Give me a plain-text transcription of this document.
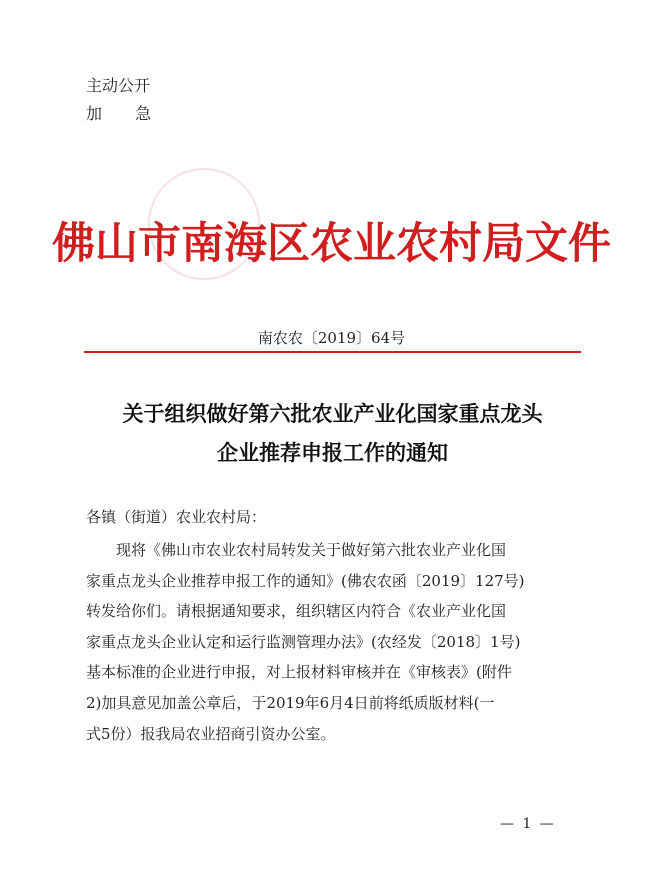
主动公开
加 急
佛山市南海区农业农村局文件
南农农〔2019〕64号
关于组织做好第六批农业产业化国家重点龙头
企业推荐申报工作的通知
各镇（街道）农业农村局：

现将《佛山市农业农村局转发关于做好第六批农业产业化国

家重点龙头企业推荐申报工作的通知》(佛农农函〔2019〕127号)

转发给你们。请根据通知要求，组织辖区内符合《农业产业化国

家重点龙头企业认定和运行监测管理办法》(农经发〔2018〕1号)

基本标准的企业进行申报，对上报材料审核并在《审核表》(附件

2)加具意见加盖公章后，于2019年6月4日前将纸质版材料(一

式5份）报我局农业招商引资办公室。

— 1 —
